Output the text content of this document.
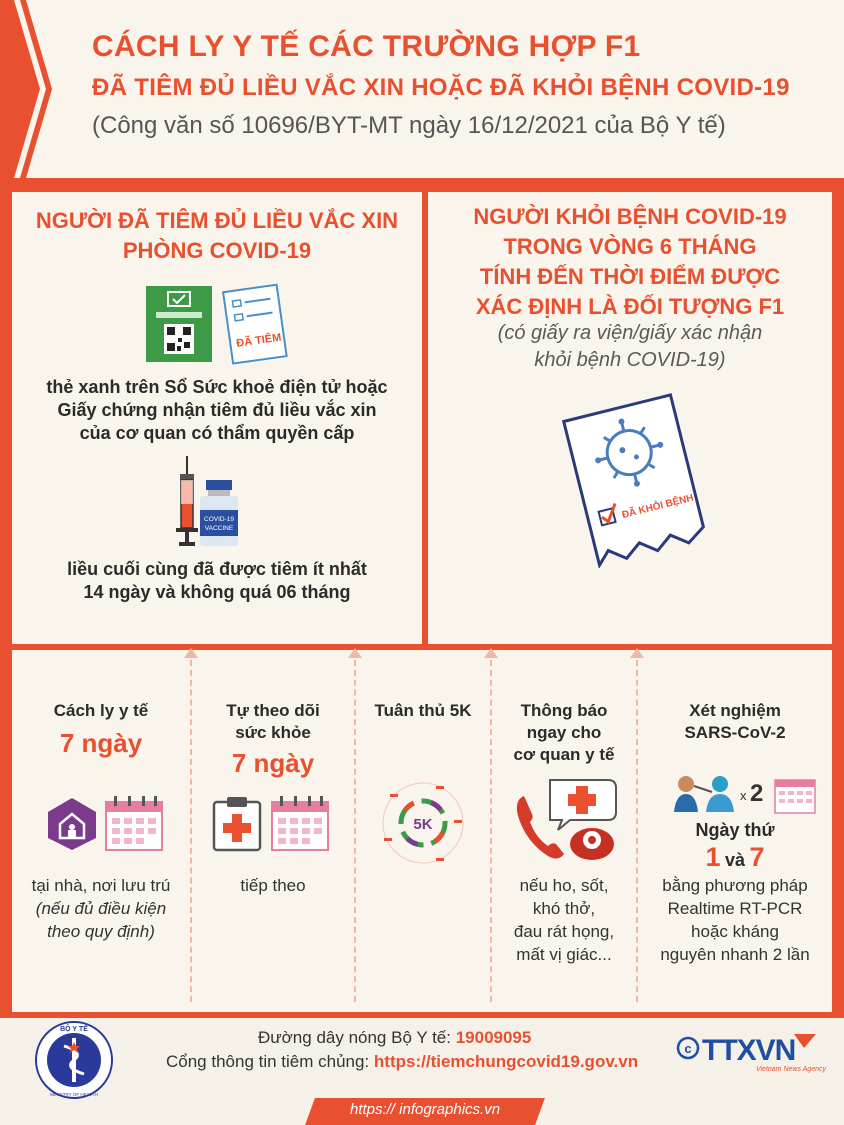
CÁCH LY Y TẾ CÁC TRƯỜNG HỢP F1
ĐÃ TIÊM ĐỦ LIỀU VẮC XIN HOẶC ĐÃ KHỎI BỆNH COVID-19
(Công văn số 10696/BYT-MT ngày 16/12/2021 của Bộ Y tế)
NGƯỜI ĐÃ TIÊM ĐỦ LIỀU VẮC XIN
PHÒNG COVID-19
ĐÃ TIÊM
thẻ xanh trên Sổ Sức khoẻ điện tử hoặc
Giấy chứng nhận tiêm đủ liều vắc xin
của cơ quan có thẩm quyền cấp
COVID-19
VACCINE
liều cuối cùng đã được tiêm ít nhất
14 ngày và không quá 06 tháng
NGƯỜI KHỎI BỆNH COVID-19
TRONG VÒNG 6 THÁNG
TÍNH ĐẾN THỜI ĐIỂM ĐƯỢC
XÁC ĐỊNH LÀ ĐỐI TƯỢNG F1
(có giấy ra viện/giấy xác nhận
khỏi bệnh COVID-19)
ĐÃ KHỎI BỆNH
Cách ly y tế
7 ngày
tại nhà, nơi lưu trú
(nếu đủ điều kiện
theo quy định)
Tự theo dõi
sức khỏe
7 ngày
tiếp theo
Tuân thủ 5K
5K
Thông báo
ngay cho
cơ quan y tế
nếu ho, sốt,
khó thở,
đau rát họng,
mất vị giác...
Xét nghiệm
SARS-CoV-2
x 2
Ngày thứ
1 và 7
bằng phương pháp
Realtime RT-PCR
hoặc kháng
nguyên nhanh 2 lần
BỘ Y TẾ
MINISTRY OF HEALTH
Đường dây nóng Bộ Y tế: 19009095
Cổng thông tin tiêm chủng: https://tiemchungcovid19.gov.vn
c TTXVN
Vietnam News Agency
https:// infographics.vn
